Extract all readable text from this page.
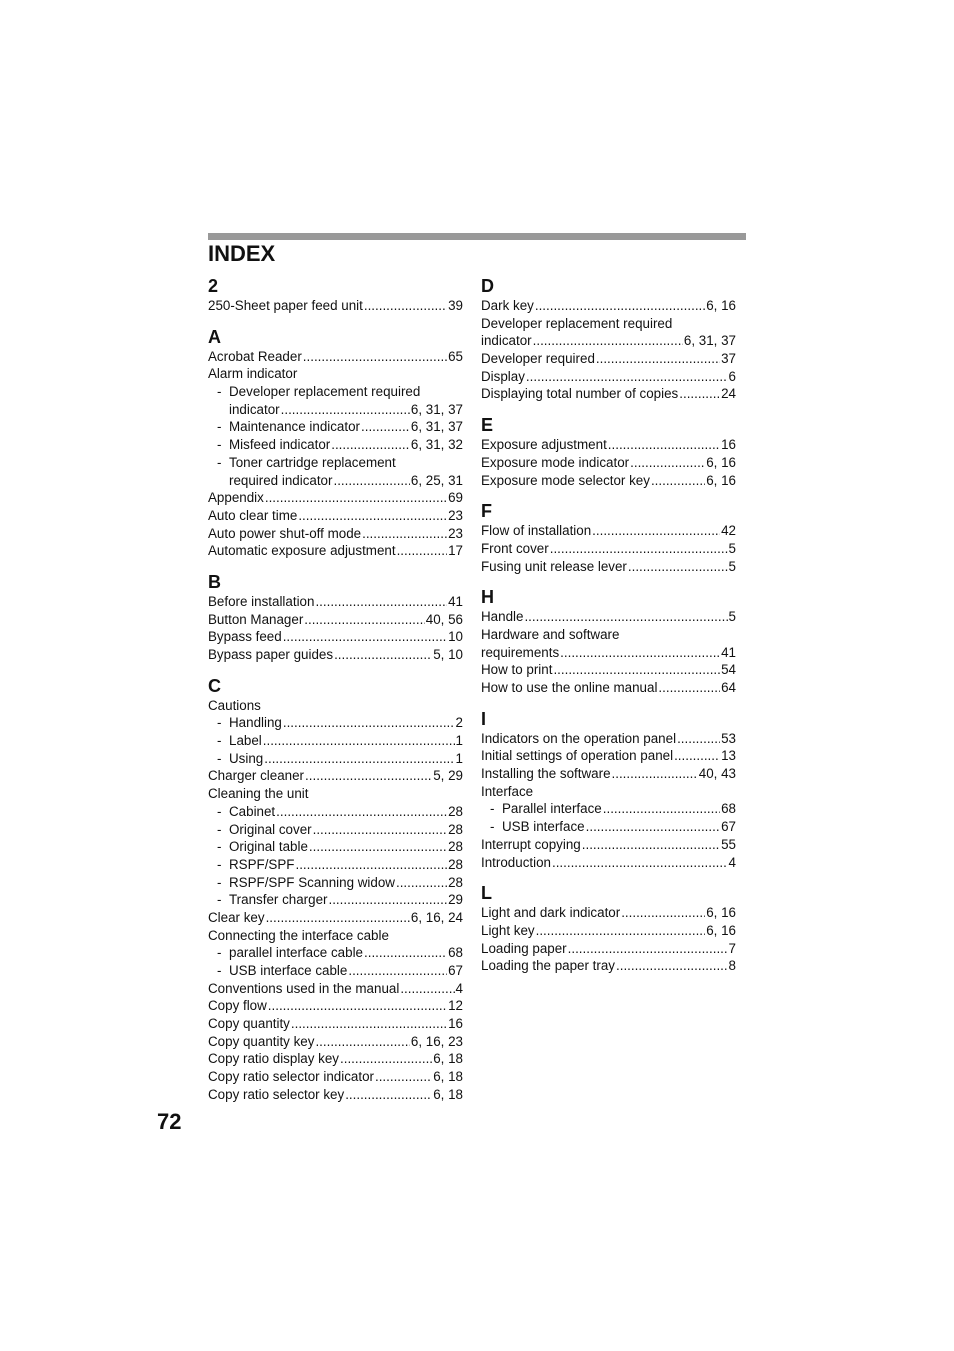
INDEX
2
250-Sheet paper feed unit .....	39
A
Acrobat Reader .....	65
Alarm indicator
- Developer replacement required
indicator .....	6, 31, 37
- Maintenance indicator .....	6, 31, 37
- Misfeed indicator .....	6, 31, 32
- Toner cartridge replacement
required indicator .....	6, 25, 31
Appendix .....	69
Auto clear time .....	23
Auto power shut-off mode .....	23
Automatic exposure adjustment .....	17
B
Before installation .....	41
Button Manager .....	40, 56
Bypass feed .....	10
Bypass paper guides .....	5, 10
C
Cautions
- Handling .....	2
- Label .....	1
- Using .....	1
Charger cleaner .....	5, 29
Cleaning the unit
- Cabinet .....	28
- Original cover .....	28
- Original table .....	28
- RSPF/SPF .....	28
- RSPF/SPF Scanning widow .....	28
- Transfer charger .....	29
Clear key .....	6, 16, 24
Connecting the interface cable
- parallel interface cable .....	68
- USB interface cable .....	67
Conventions used in the manual .....	4
Copy flow .....	12
Copy quantity .....	16
Copy quantity key .....	6, 16, 23
Copy ratio display key .....	6, 18
Copy ratio selector indicator .....	6, 18
Copy ratio selector key .....	6, 18
D
Dark key .....	6, 16
Developer replacement required
indicator .....	6, 31, 37
Developer required .....	37
Display .....	6
Displaying total number of copies .....	24
E
Exposure adjustment .....	16
Exposure mode indicator .....	6, 16
Exposure mode selector key .....	6, 16
F
Flow of installation .....	42
Front cover .....	5
Fusing unit release lever .....	5
H
Handle .....	5
Hardware and software
requirements .....	41
How to print .....	54
How to use the online manual .....	64
I
Indicators on the operation panel .....	53
Initial settings of operation panel .....	13
Installing the software .....	40, 43
Interface
- Parallel interface .....	68
- USB interface .....	67
Interrupt copying .....	55
Introduction .....	4
L
Light and dark indicator .....	6, 16
Light key .....	6, 16
Loading paper .....	7
Loading the paper tray .....	8
72
